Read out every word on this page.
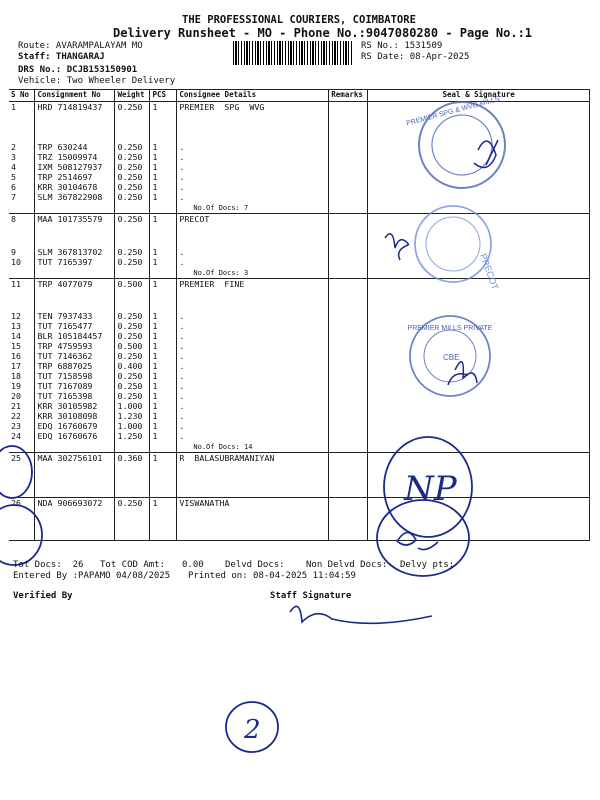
THE PROFESSIONAL COURIERS, COIMBATORE
Delivery Runsheet - MO - Phone No.:9047080280 - Page No.:1
Route: AVARAMPALAYAM MO
Staff: THANGARAJ
DRS No.: DCJB153150901
Vehicle: Two Wheeler Delivery
RS No.: 1531509
RS Date: 08-Apr-2025
S No	Consignment No	Weight	PCS	Consignee Details	Remarks	Seal & Signature
1	HRD 714819437	0.250	1	PREMIER  SPG  WVG		
2	TRP 630244	0.250	1	.		
3	TRZ 15009974	0.250	1	.		
4	IXM 508127937	0.250	1	.		
5	TRP 2514697	0.250	1	.		
6	KRR 30104678	0.250	1	.		
7	SLM 367822908	0.250	1	.		
				No.Of Docs: 7		
8	MAA 101735579	0.250	1	PRECOT		
9	SLM 367813702	0.250	1	.		
10	TUT 7165397	0.250	1	.		
				No.Of Docs: 3		
11	TRP 4077079	0.500	1	PREMIER  FINE		
12	TEN 7937433	0.250	1	.		
13	TUT 7165477	0.250	1	.		
14	BLR 105184457	0.250	1	.		
15	TRP 4759593	0.500	1	.		
16	TUT 7146362	0.250	1	.		
17	TRP 6887025	0.400	1	.		
18	TUT 7158598	0.250	1	.		
19	TUT 7167089	0.250	1	.		
20	TUT 7165398	0.250	1	.		
21	KRR 30105982	1.000	1	.		
22	KRR 30108098	1.230	1	.		
23	EDQ 16760679	1.000	1	.		
24	EDQ 16760676	1.250	1	.		
				No.Of Docs: 14		
25	MAA 302756101	0.360	1	R  BALASUBRAMANIYAN		

26	NDA 906693072	0.250	1	VISWANATHA		

PREMIER SPG & WVG MILLS
PRECOT
PREMIER MILLS PRIVATE
CBE
NP
2
Tot Docs:  26 Tot COD Amt: 0.00 Delvd Docs: Non Delvd Docs: Delvy pts:
Entered By :PAPAMO 04/08/2025 Printed on: 08-04-2025 11:04:59
Verified By	Staff Signature
